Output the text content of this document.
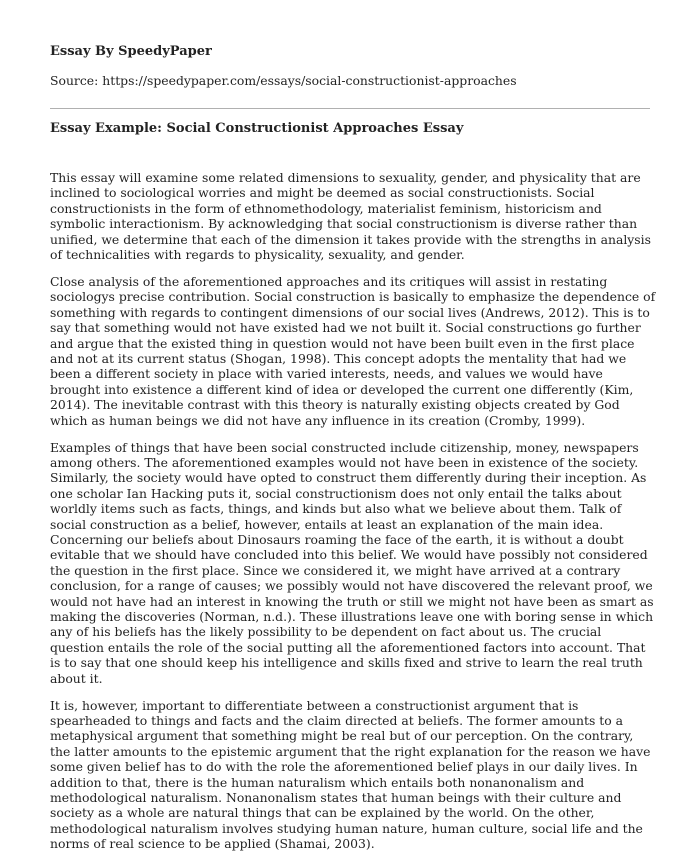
Essay By SpeedyPaper

Source: https://speedypaper.com/essays/social-constructionist-approaches

Essay Example: Social Constructionist Approaches Essay

This essay will examine some related dimensions to sexuality, gender, and physicality that are inclined to sociological worries and might be deemed as social constructionists. Social constructionists in the form of ethnomethodology, materialist feminism, historicism and symbolic interactionism. By acknowledging that social constructionism is diverse rather than unified, we determine that each of the dimension it takes provide with the strengths in analysis of technicalities with regards to physicality, sexuality, and gender.

Close analysis of the aforementioned approaches and its critiques will assist in restating sociologys precise contribution. Social construction is basically to emphasize the dependence of something with regards to contingent dimensions of our social lives (Andrews, 2012). This is to say that something would not have existed had we not built it. Social constructions go further and argue that the existed thing in question would not have been built even in the first place and not at its current status (Shogan, 1998). This concept adopts the mentality that had we been a different society in place with varied interests, needs, and values we would have brought into existence a different kind of idea or developed the current one differently (Kim, 2014). The inevitable contrast with this theory is naturally existing objects created by God which as human beings we did not have any influence in its creation (Cromby, 1999).

Examples of things that have been social constructed include citizenship, money, newspapers among others. The aforementioned examples would not have been in existence of the society. Similarly, the society would have opted to construct them differently during their inception. As one scholar Ian Hacking puts it, social constructionism does not only entail the talks about worldly items such as facts, things, and kinds but also what we believe about them. Talk of social construction as a belief, however, entails at least an explanation of the main idea. Concerning our beliefs about Dinosaurs roaming the face of the earth, it is without a doubt evitable that we should have concluded into this belief. We would have possibly not considered the question in the first place. Since we considered it, we might have arrived at a contrary conclusion, for a range of causes; we possibly would not have discovered the relevant proof, we would not have had an interest in knowing the truth or still we might not have been as smart as making the discoveries (Norman, n.d.). These illustrations leave one with boring sense in which any of his beliefs has the likely possibility to be dependent on fact about us. The crucial question entails the role of the social putting all the aforementioned factors into account. That is to say that one should keep his intelligence and skills fixed and strive to learn the real truth about it.

It is, however, important to differentiate between a constructionist argument that is spearheaded to things and facts and the claim directed at beliefs. The former amounts to a metaphysical argument that something might be real but of our perception. On the contrary, the latter amounts to the epistemic argument that the right explanation for the reason we have some given belief has to do with the role the aforementioned belief plays in our daily lives. In addition to that, there is the human naturalism which entails both nonanonalism and methodological naturalism. Nonanonalism states that human beings with their culture and society as a whole are natural things that can be explained by the world. On the other, methodological naturalism involves studying human nature, human culture, social life and the norms of real science to be applied (Shamai, 2003).
